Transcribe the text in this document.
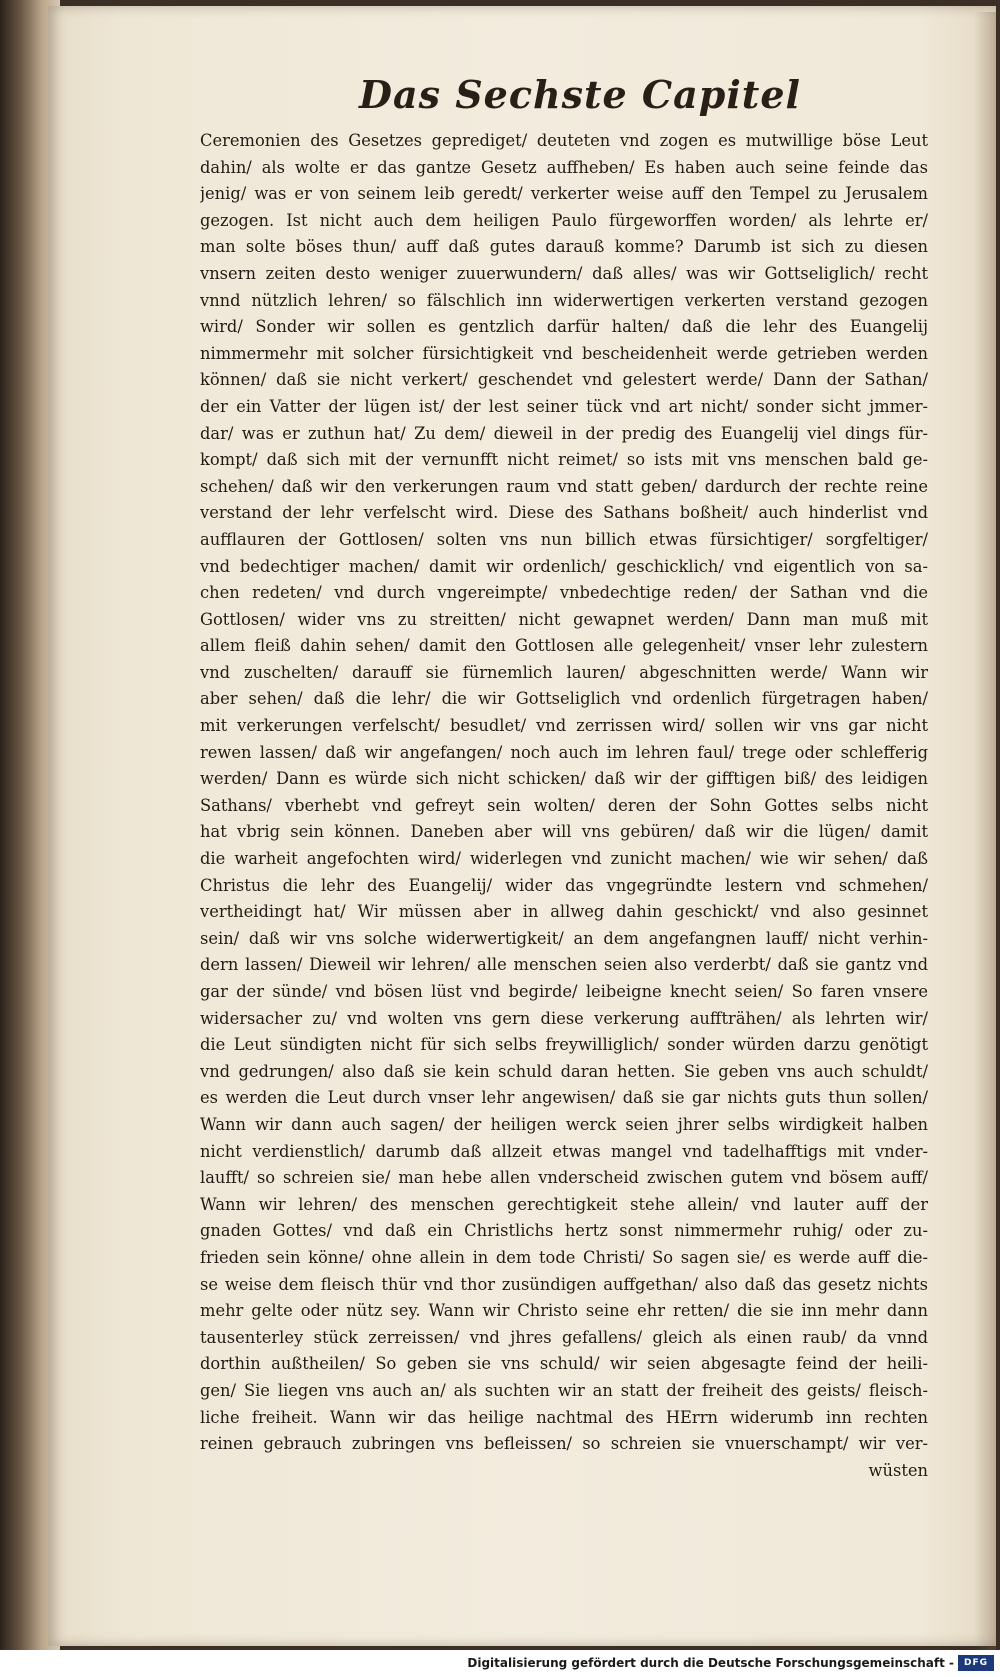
Das Sechste Capitel
Ceremonien des Gesetzes geprediget/ deuteten vnd zogen es mutwillige böse Leut
dahin/ als wolte er das gantze Gesetz auffheben/ Es haben auch seine feinde das
jenig/ was er von seinem leib geredt/ verkerter weise auff den Tempel zu Jerusalem
gezogen. Ist nicht auch dem heiligen Paulo fürgeworffen worden/ als lehrte er/
man solte böses thun/ auff daß gutes darauß komme? Darumb ist sich zu diesen
vnsern zeiten desto weniger zuuerwundern/ daß alles/ was wir Gottseliglich/ recht
vnnd nützlich lehren/ so fälschlich inn widerwertigen verkerten verstand gezogen
wird/ Sonder wir sollen es gentzlich darfür halten/ daß die lehr des Euangelij
nimmermehr mit solcher fürsichtigkeit vnd bescheidenheit werde getrieben werden
können/ daß sie nicht verkert/ geschendet vnd gelestert werde/ Dann der Sathan/
der ein Vatter der lügen ist/ der lest seiner tück vnd art nicht/ sonder sicht jmmer-
dar/ was er zuthun hat/ Zu dem/ dieweil in der predig des Euangelij viel dings für-
kompt/ daß sich mit der vernunfft nicht reimet/ so ists mit vns menschen bald ge-
schehen/ daß wir den verkerungen raum vnd statt geben/ dardurch der rechte reine
verstand der lehr verfelscht wird. Diese des Sathans boßheit/ auch hinderlist vnd
aufflauren der Gottlosen/ solten vns nun billich etwas fürsichtiger/ sorgfeltiger/
vnd bedechtiger machen/ damit wir ordenlich/ geschicklich/ vnd eigentlich von sa-
chen redeten/ vnd durch vngereimpte/ vnbedechtige reden/ der Sathan vnd die
Gottlosen/ wider vns zu streitten/ nicht gewapnet werden/ Dann man muß mit
allem fleiß dahin sehen/ damit den Gottlosen alle gelegenheit/ vnser lehr zulestern
vnd zuschelten/ darauff sie fürnemlich lauren/ abgeschnitten werde/ Wann wir
aber sehen/ daß die lehr/ die wir Gottseliglich vnd ordenlich fürgetragen haben/
mit verkerungen verfelscht/ besudlet/ vnd zerrissen wird/ sollen wir vns gar nicht
rewen lassen/ daß wir angefangen/ noch auch im lehren faul/ trege oder schlefferig
werden/ Dann es würde sich nicht schicken/ daß wir der gifftigen biß/ des leidigen
Sathans/ vberhebt vnd gefreyt sein wolten/ deren der Sohn Gottes selbs nicht
hat vbrig sein können. Daneben aber will vns gebüren/ daß wir die lügen/ damit
die warheit angefochten wird/ widerlegen vnd zunicht machen/ wie wir sehen/ daß
Christus die lehr des Euangelij/ wider das vngegründte lestern vnd schmehen/
vertheidingt hat/ Wir müssen aber in allweg dahin geschickt/ vnd also gesinnet
sein/ daß wir vns solche widerwertigkeit/ an dem angefangnen lauff/ nicht verhin-
dern lassen/ Dieweil wir lehren/ alle menschen seien also verderbt/ daß sie gantz vnd
gar der sünde/ vnd bösen lüst vnd begirde/ leibeigne knecht seien/ So faren vnsere
widersacher zu/ vnd wolten vns gern diese verkerung auffträhen/ als lehrten wir/
die Leut sündigten nicht für sich selbs freywilliglich/ sonder würden darzu genötigt
vnd gedrungen/ also daß sie kein schuld daran hetten. Sie geben vns auch schuldt/
es werden die Leut durch vnser lehr angewisen/ daß sie gar nichts guts thun sollen/
Wann wir dann auch sagen/ der heiligen werck seien jhrer selbs wirdigkeit halben
nicht verdienstlich/ darumb daß allzeit etwas mangel vnd tadelhafftigs mit vnder-
laufft/ so schreien sie/ man hebe allen vnderscheid zwischen gutem vnd bösem auff/
Wann wir lehren/ des menschen gerechtigkeit stehe allein/ vnd lauter auff der
gnaden Gottes/ vnd daß ein Christlichs hertz sonst nimmermehr ruhig/ oder zu-
frieden sein könne/ ohne allein in dem tode Christi/ So sagen sie/ es werde auff die-
se weise dem fleisch thür vnd thor zusündigen auffgethan/ also daß das gesetz nichts
mehr gelte oder nütz sey. Wann wir Christo seine ehr retten/ die sie inn mehr dann
tausenterley stück zerreissen/ vnd jhres gefallens/ gleich als einen raub/ da vnnd
dorthin außtheilen/ So geben sie vns schuld/ wir seien abgesagte feind der heili-
gen/ Sie liegen vns auch an/ als suchten wir an statt der freiheit des geists/ fleisch-
liche freiheit. Wann wir das heilige nachtmal des HErrn widerumb inn rechten
reinen gebrauch zubringen vns befleissen/ so schreien sie vnuerschampt/ wir ver-
wüsten
Digitalisierung gefördert durch die Deutsche Forschungsgemeinschaft -	DFG
